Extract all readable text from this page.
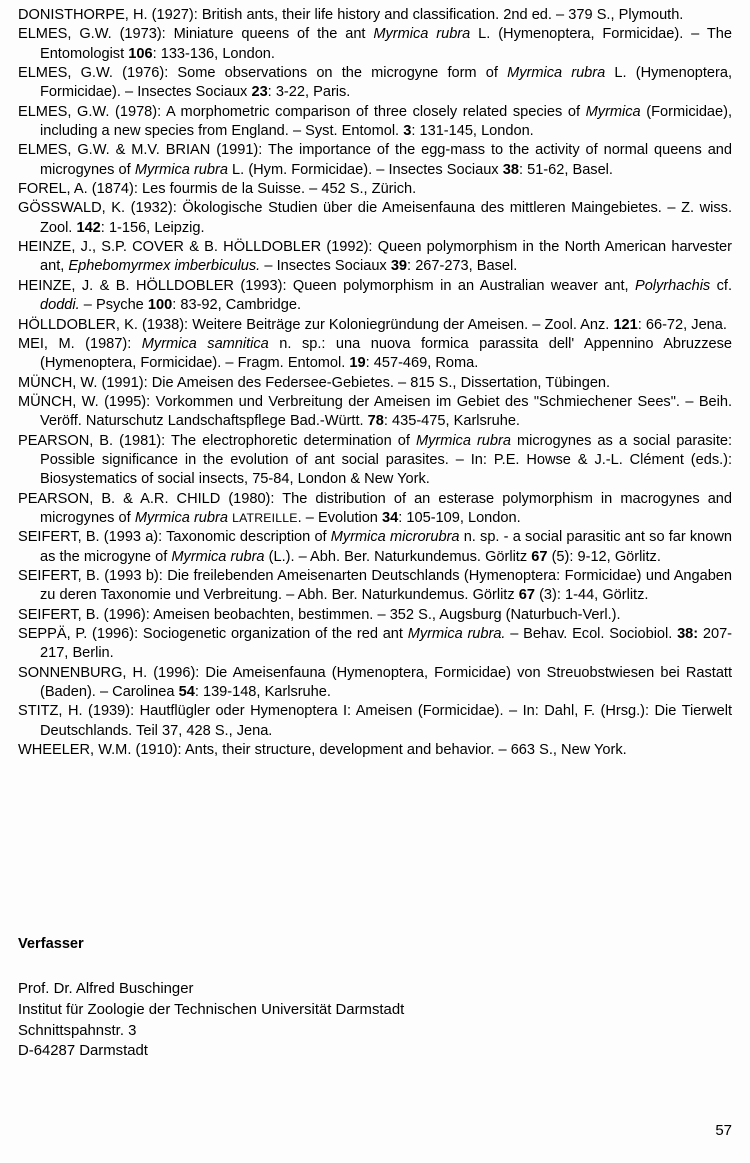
DONISTHORPE, H. (1927): British ants, their life history and classification. 2nd ed. – 379 S., Plymouth.

ELMES, G.W. (1973): Miniature queens of the ant Myrmica rubra L. (Hymenoptera, Formicidae). – The Entomologist 106: 133-136, London.

ELMES, G.W. (1976): Some observations on the microgyne form of Myrmica rubra L. (Hymenoptera, Formicidae). – Insectes Sociaux 23: 3-22, Paris.

ELMES, G.W. (1978): A morphometric comparison of three closely related species of Myrmica (Formicidae), including a new species from England. – Syst. Entomol. 3: 131-145, London.

ELMES, G.W. & M.V. BRIAN (1991): The importance of the egg-mass to the activity of normal queens and microgynes of Myrmica rubra L. (Hym. Formicidae). – Insectes Sociaux 38: 51-62, Basel.

FOREL, A. (1874): Les fourmis de la Suisse. – 452 S., Zürich.

GÖSSWALD, K. (1932): Ökologische Studien über die Ameisenfauna des mittleren Maingebietes. – Z. wiss. Zool. 142: 1-156, Leipzig.

HEINZE, J., S.P. COVER & B. HÖLLDOBLER (1992): Queen polymorphism in the North American harvester ant, Ephebomyrmex imberbiculus. – Insectes Sociaux 39: 267-273, Basel.

HEINZE, J. & B. HÖLLDOBLER (1993): Queen polymorphism in an Australian weaver ant, Polyrhachis cf. doddi. – Psyche 100: 83-92, Cambridge.

HÖLLDOBLER, K. (1938): Weitere Beiträge zur Koloniegründung der Ameisen. – Zool. Anz. 121: 66-72, Jena.

MEI, M. (1987): Myrmica samnitica n. sp.: una nuova formica parassita dell' Appennino Abruzzese (Hymenoptera, Formicidae). – Fragm. Entomol. 19: 457-469, Roma.

MÜNCH, W. (1991): Die Ameisen des Federsee-Gebietes. – 815 S., Dissertation, Tübingen.

MÜNCH, W. (1995): Vorkommen und Verbreitung der Ameisen im Gebiet des "Schmiechener Sees". – Beih. Veröff. Naturschutz Landschaftspflege Bad.-Württ. 78: 435-475, Karlsruhe.

PEARSON, B. (1981): The electrophoretic determination of Myrmica rubra microgynes as a social parasite: Possible significance in the evolution of ant social parasites. – In: P.E. Howse & J.-L. Clément (eds.): Biosystematics of social insects, 75-84, London & New York.

PEARSON, B. & A.R. CHILD (1980): The distribution of an esterase polymorphism in macrogynes and microgynes of Myrmica rubra LATREILLE. – Evolution 34: 105-109, London.

SEIFERT, B. (1993 a): Taxonomic description of Myrmica microrubra n. sp. - a social parasitic ant so far known as the microgyne of Myrmica rubra (L.). – Abh. Ber. Naturkundemus. Görlitz 67 (5): 9-12, Görlitz.

SEIFERT, B. (1993 b): Die freilebenden Ameisenarten Deutschlands (Hymenoptera: Formicidae) und Angaben zu deren Taxonomie und Verbreitung. – Abh. Ber. Naturkundemus. Görlitz 67 (3): 1-44, Görlitz.

SEIFERT, B. (1996): Ameisen beobachten, bestimmen. – 352 S., Augsburg (Naturbuch-Verl.).

SEPPÄ, P. (1996): Sociogenetic organization of the red ant Myrmica rubra. – Behav. Ecol. Sociobiol. 38: 207-217, Berlin.

SONNENBURG, H. (1996): Die Ameisenfauna (Hymenoptera, Formicidae) von Streuobstwiesen bei Rastatt (Baden). – Carolinea 54: 139-148, Karlsruhe.

STITZ, H. (1939): Hautflügler oder Hymenoptera I: Ameisen (Formicidae). – In: Dahl, F. (Hrsg.): Die Tierwelt Deutschlands. Teil 37, 428 S., Jena.

WHEELER, W.M. (1910): Ants, their structure, development and behavior. – 663 S., New York.

Verfasser
Prof. Dr. Alfred Buschinger
Institut für Zoologie der Technischen Universität Darmstadt
Schnittspahnstr. 3
D-64287 Darmstadt
57
